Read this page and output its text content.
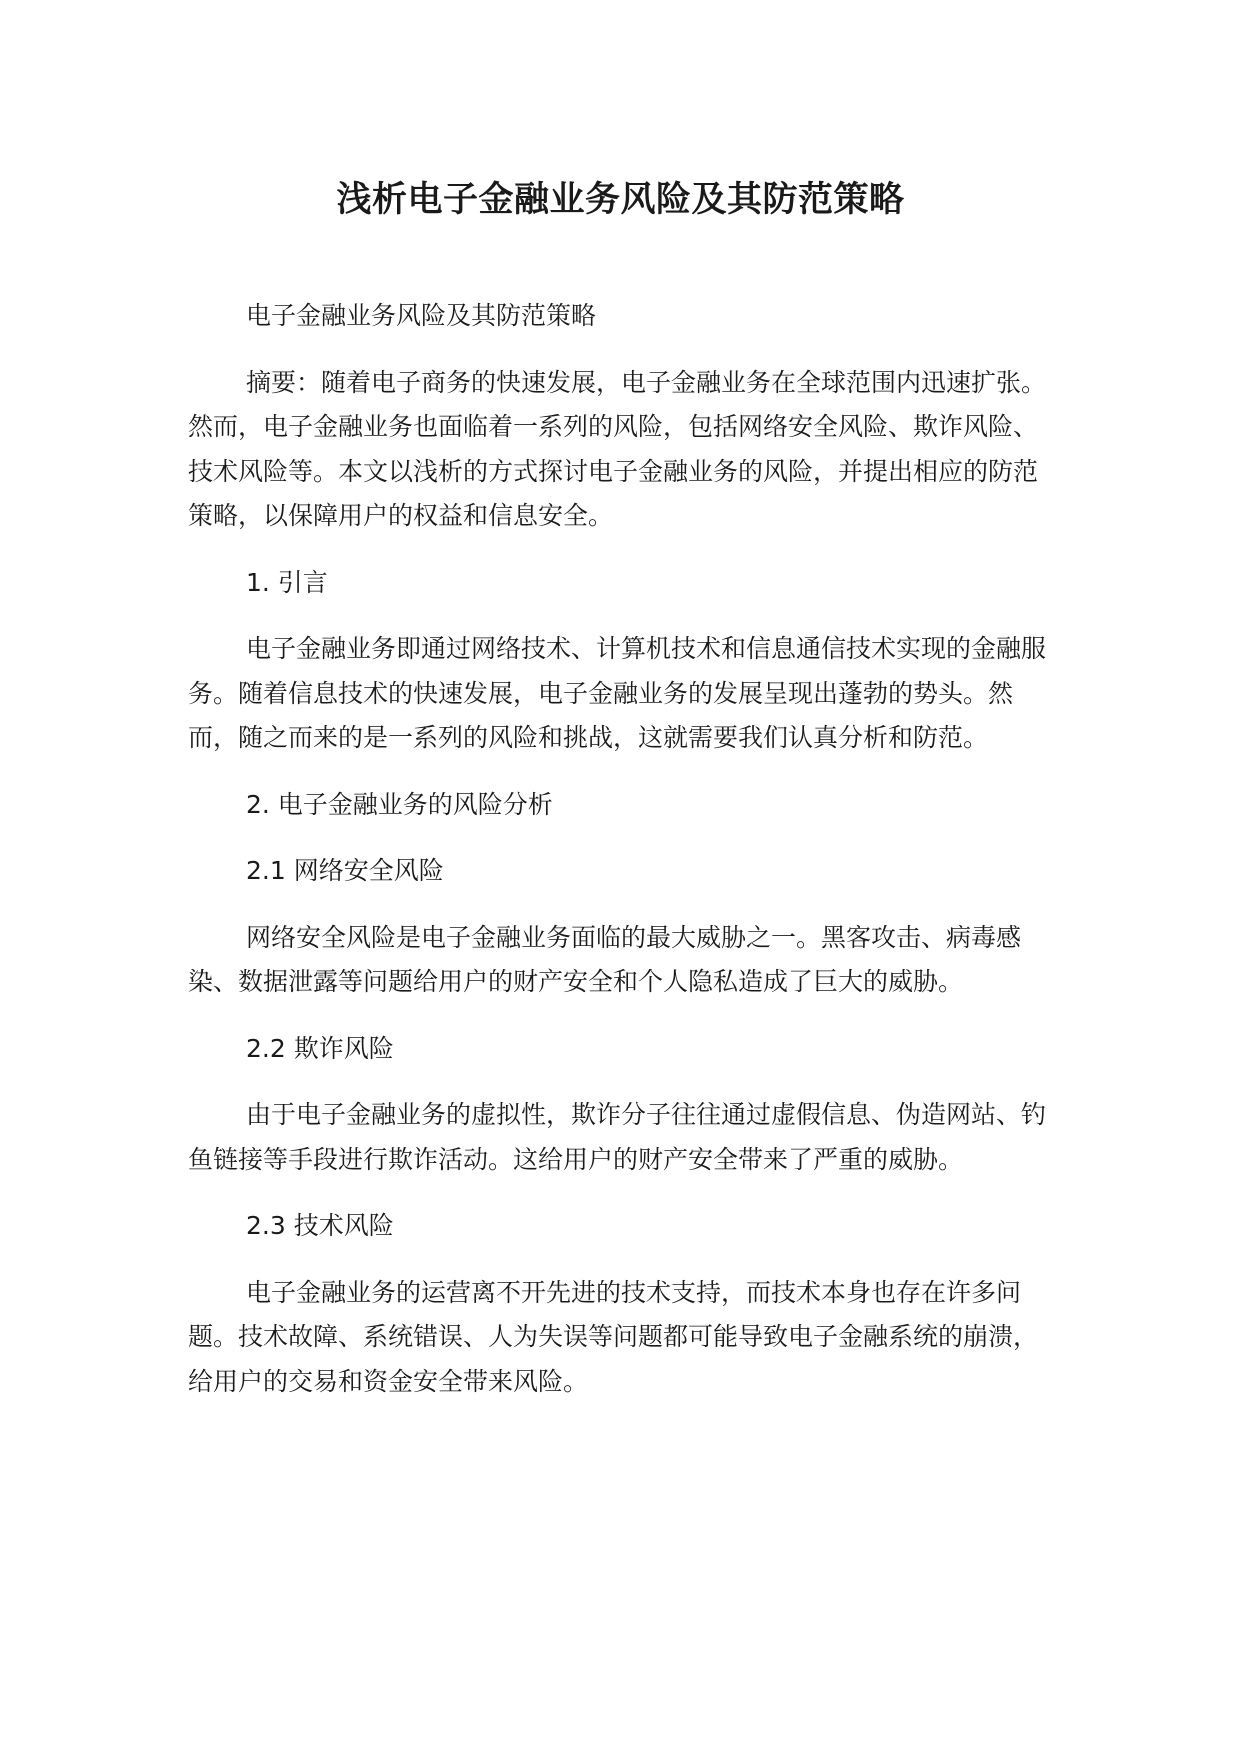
浅析电子金融业务风险及其防范策略

电子金融业务风险及其防范策略

摘要：随着电子商务的快速发展，电子金融业务在全球范围内迅速扩张。然而，电子金融业务也面临着一系列的风险，包括网络安全风险、欺诈风险、技术风险等。本文以浅析的方式探讨电子金融业务的风险，并提出相应的防范策略，以保障用户的权益和信息安全。

1. 引言

电子金融业务即通过网络技术、计算机技术和信息通信技术实现的金融服务。随着信息技术的快速发展，电子金融业务的发展呈现出蓬勃的势头。然而，随之而来的是一系列的风险和挑战，这就需要我们认真分析和防范。

2. 电子金融业务的风险分析

2.1 网络安全风险

网络安全风险是电子金融业务面临的最大威胁之一。黑客攻击、病毒感染、数据泄露等问题给用户的财产安全和个人隐私造成了巨大的威胁。

2.2 欺诈风险

由于电子金融业务的虚拟性，欺诈分子往往通过虚假信息、伪造网站、钓鱼链接等手段进行欺诈活动。这给用户的财产安全带来了严重的威胁。

2.3 技术风险

电子金融业务的运营离不开先进的技术支持，而技术本身也存在许多问题。技术故障、系统错误、人为失误等问题都可能导致电子金融系统的崩溃，给用户的交易和资金安全带来风险。
